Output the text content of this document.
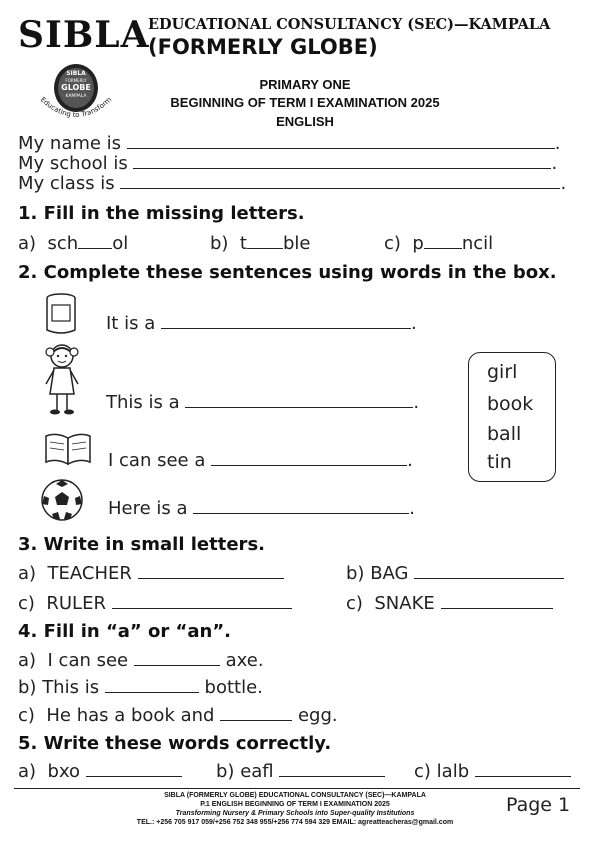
SIBLA
EDUCATIONAL CONSULTANCY (SEC)—KAMPALA
(FORMERLY GLOBE)
SIBLA
FORMERLY
GLOBE
KAMPALA
Educating to Transform
PRIMARY ONE
BEGINNING OF TERM I EXAMINATION 2025
ENGLISH
My name is	.
My school is	.
My class is	.
1. Fill in the missing letters.
a) sch ol	b) t ble	c) p ncil
2. Complete these sentences using words in the box.
It is a	.
This is a	.
I can see a	.
Here is a	.
girl
book
ball
tin
3. Write in small letters.
a) TEACHER	b) BAG
c) RULER	c) SNAKE
4. Fill in “a” or “an”.
a) I can see	axe.
b) This is	bottle.
c) He has a book and	egg.
5. Write these words correctly.
a) bxo	b) eafl	c) lalb
SIBLA (FORMERLY GLOBE) EDUCATIONAL CONSULTANCY (SEC)—KAMPALA
P.1 ENGLISH BEGINNING OF TERM I EXAMINATION 2025
Transforming Nursery & Primary Schools into Super-quality Institutions
TEL.: +256 705 917 059/+256 752 348 955/+256 774 594 329 EMAIL: agreatteacheras@gmail.com
Page 1
